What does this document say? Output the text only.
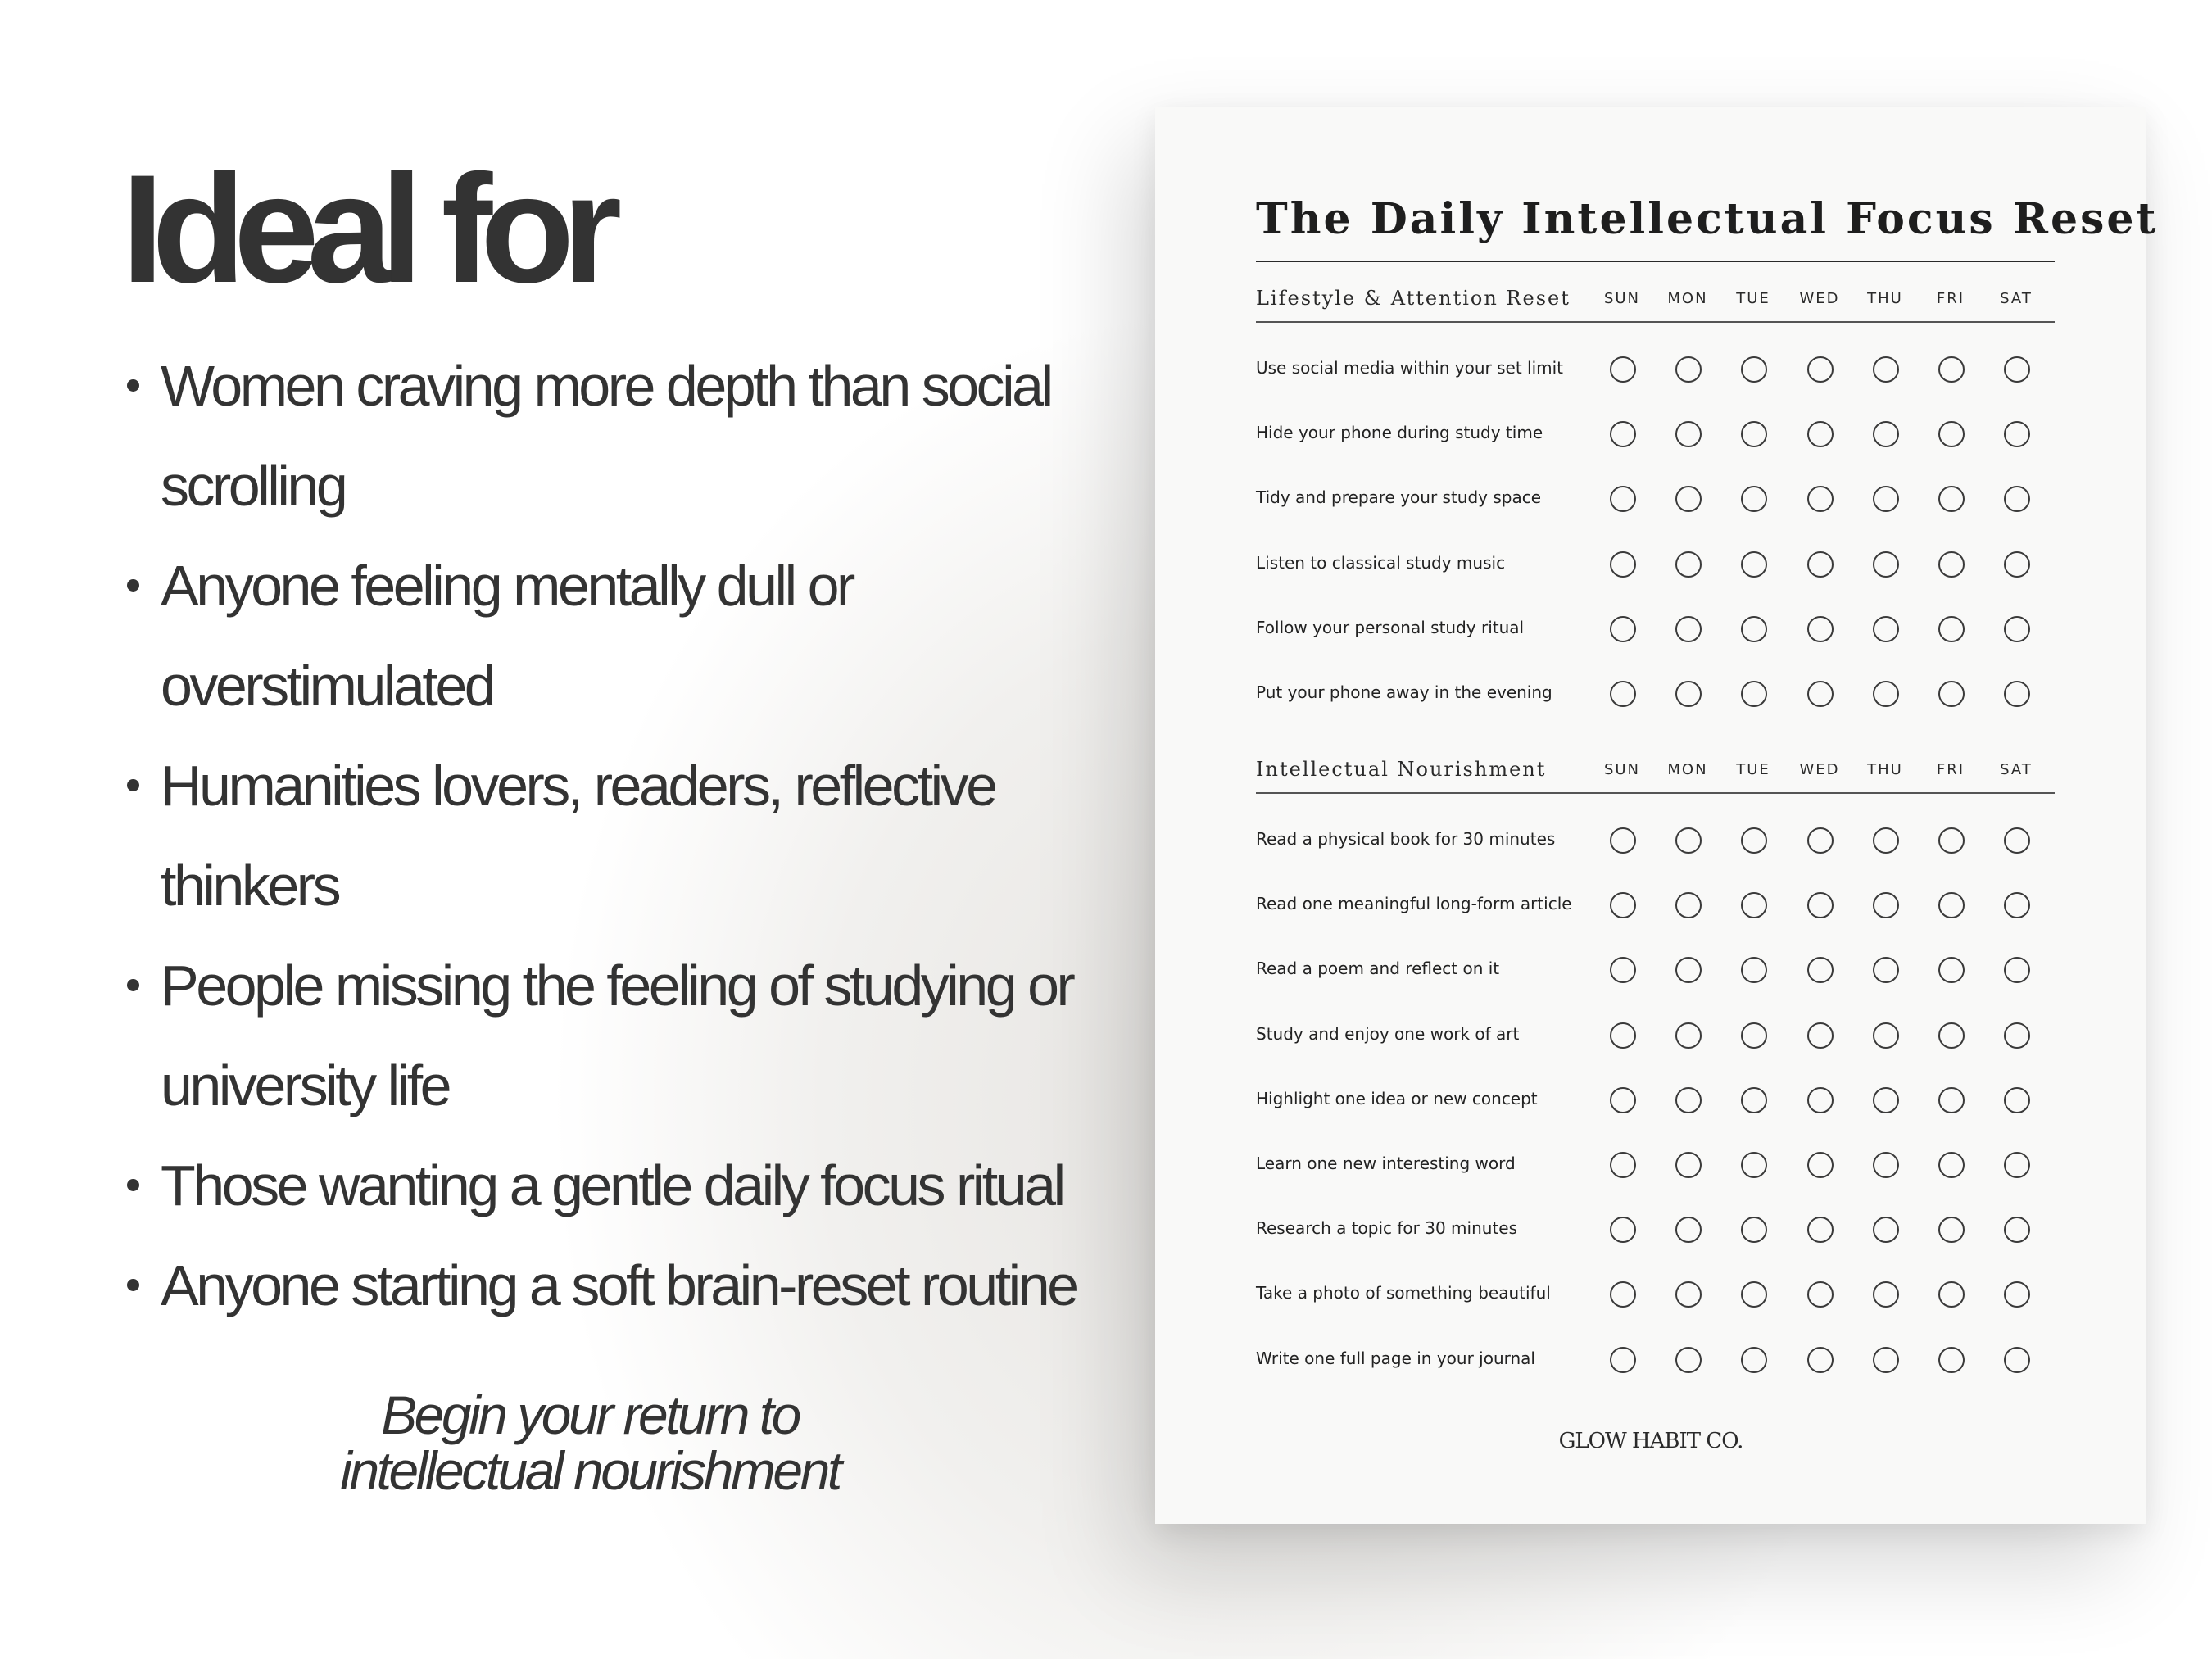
Ideal for
Women craving more depth than social scrolling
Anyone feeling mentally dull or overstimulated
Humanities lovers, readers, reflective thinkers
People missing the feeling of studying or university life
Those wanting a gentle daily focus ritual
Anyone starting a soft brain-reset routine

Begin your return to
intellectual nourishment

The Daily Intellectual Focus Reset
GLOW HABIT CO.
Lifestyle & Attention Reset	SUN	MON	TUE	WED	THU	FRI	SAT
Use social media within your set limit
Hide your phone during study time
Tidy and prepare your study space
Listen to classical study music
Follow your personal study ritual
Put your phone away in the evening
Intellectual Nourishment	SUN	MON	TUE	WED	THU	FRI	SAT
Read a physical book for 30 minutes
Read one meaningful long-form article
Read a poem and reflect on it
Study and enjoy one work of art
Highlight one idea or new concept
Learn one new interesting word
Research a topic for 30 minutes
Take a photo of something beautiful
Write one full page in your journal
